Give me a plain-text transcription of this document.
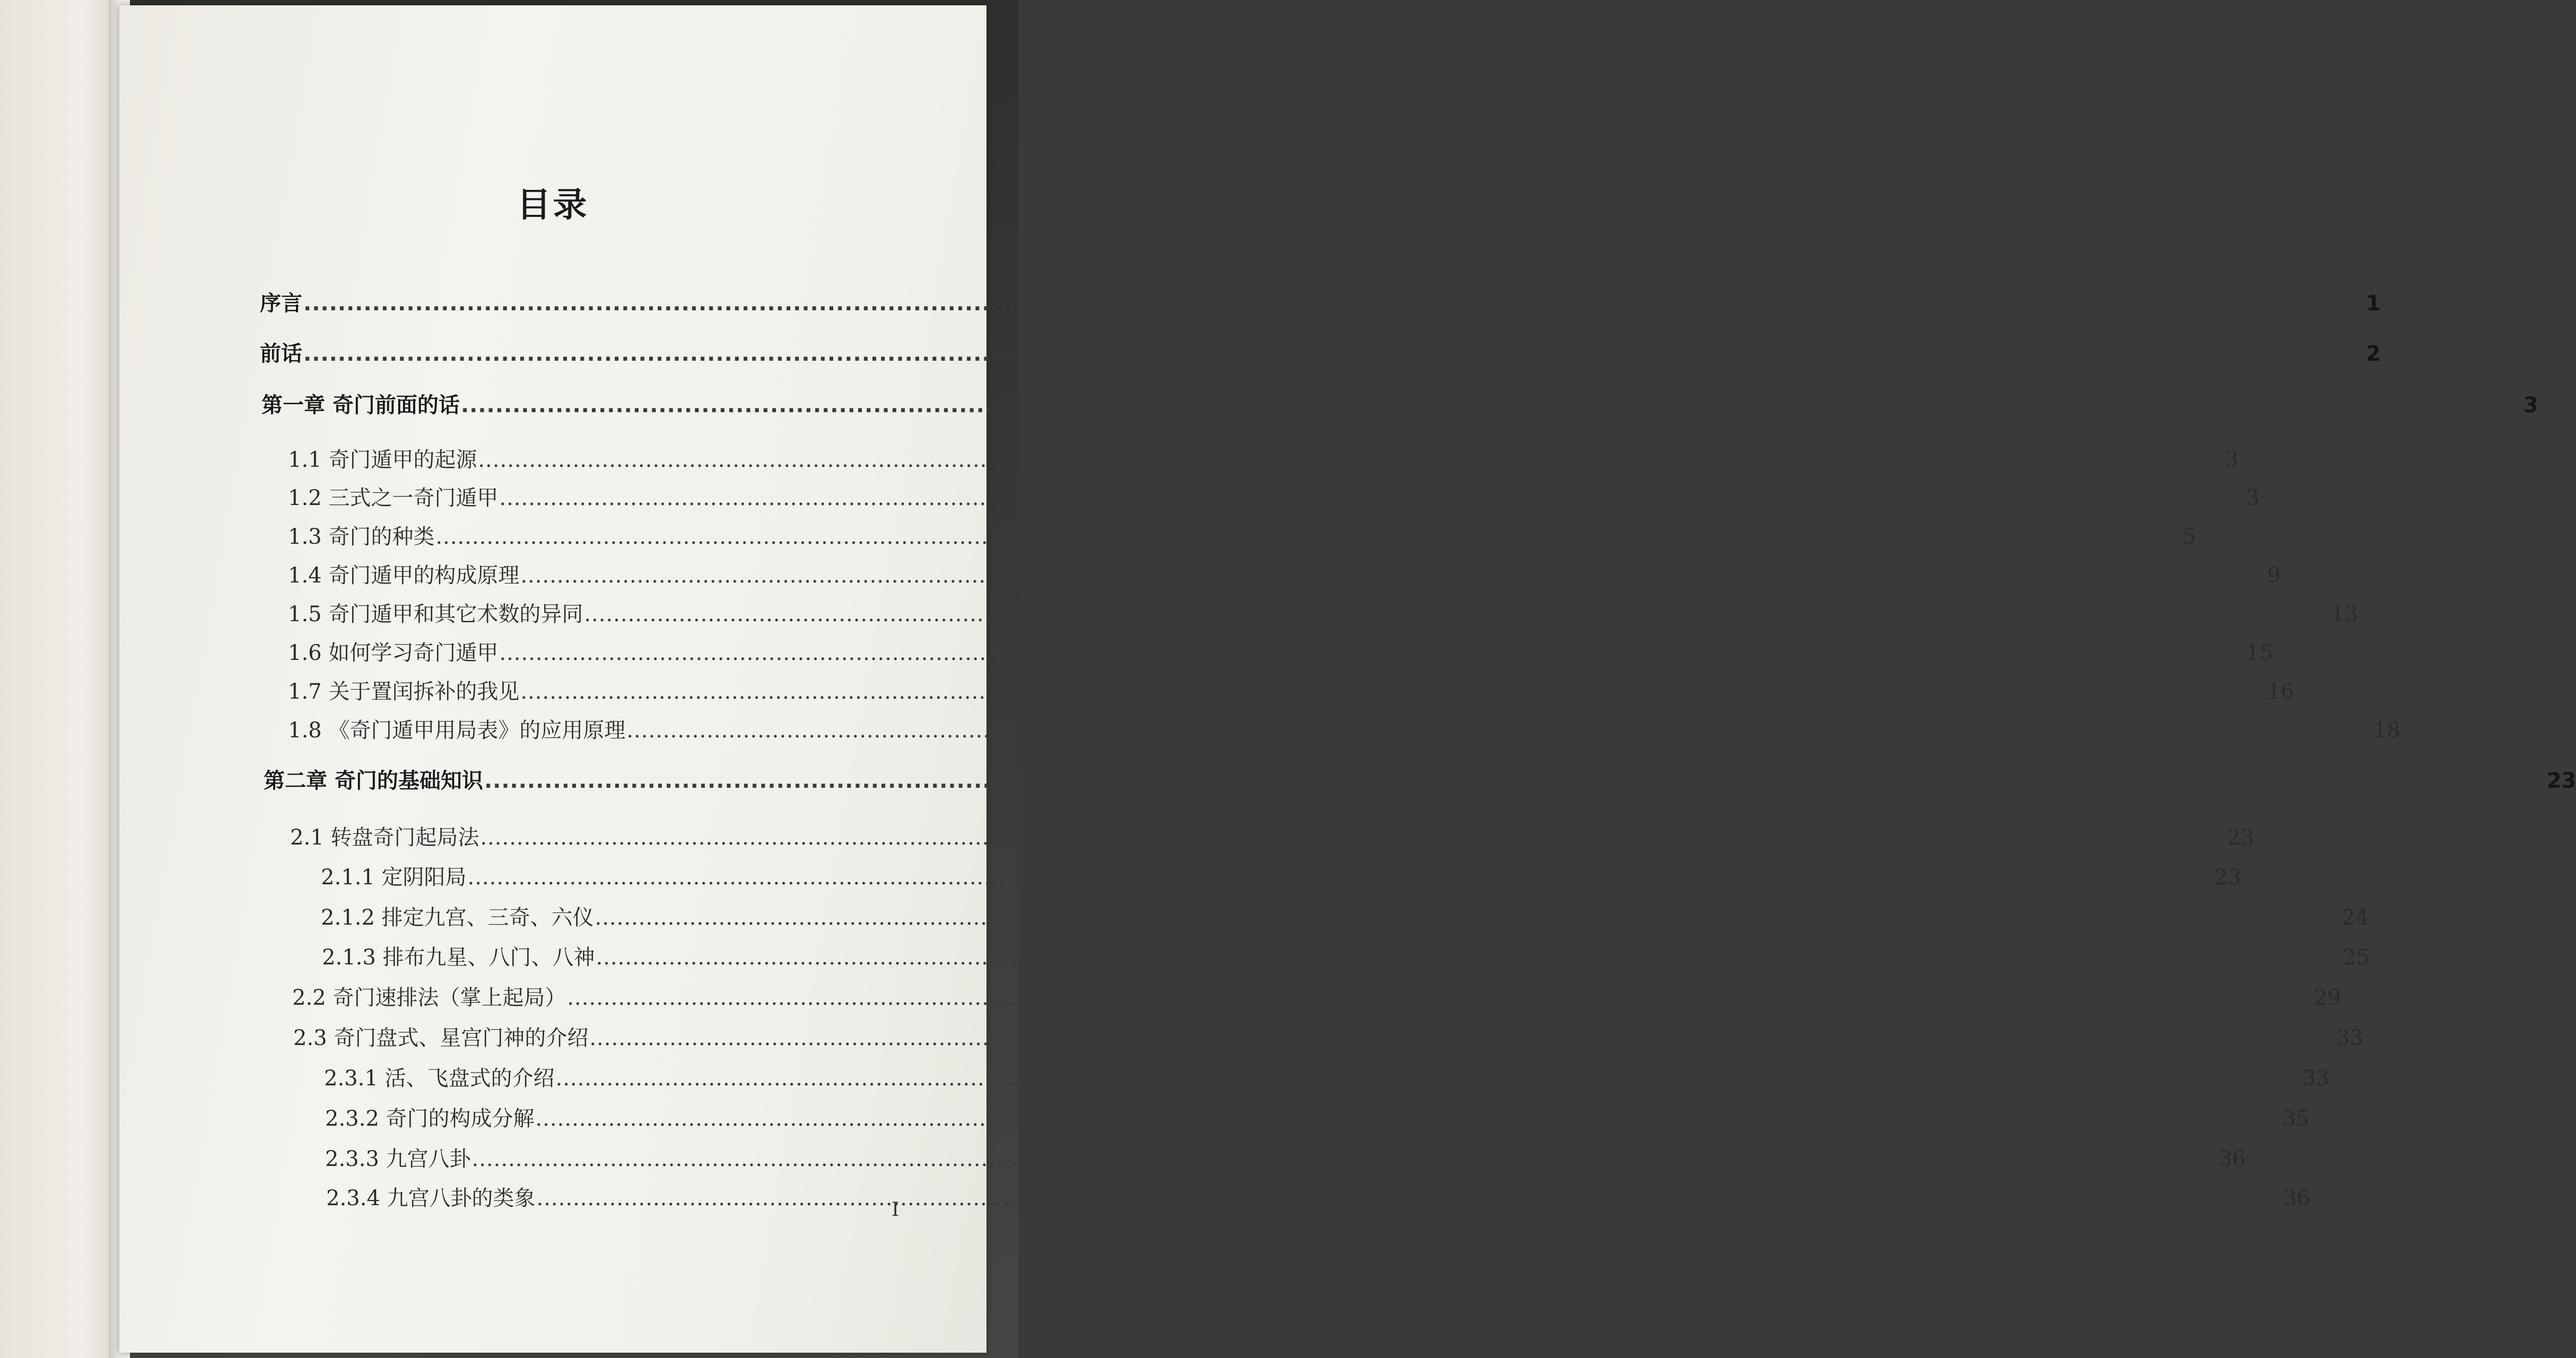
目录
序言 .....	1
前话 .....	2
第一章 奇门前面的话 .....	3
1.1 奇门遁甲的起源 .....	3
1.2 三式之一奇门遁甲 .....	3
1.3 奇门的种类 .....	5
1.4 奇门遁甲的构成原理 .....	9
1.5 奇门遁甲和其它术数的异同 .....	13
1.6 如何学习奇门遁甲 .....	15
1.7 关于置闰拆补的我见 .....	16
1.8 《奇门遁甲用局表》的应用原理 .....	18
第二章 奇门的基础知识 .....	23
2.1 转盘奇门起局法 .....	23
2.1.1 定阴阳局 .....	23
2.1.2 排定九宫、三奇、六仪 .....	24
2.1.3 排布九星、八门、八神 .....	25
2.2 奇门速排法（掌上起局） .....	29
2.3 奇门盘式、星宫门神的介绍 .....	33
2.3.1 活、飞盘式的介绍 .....	33
2.3.2 奇门的构成分解 .....	35
2.3.3 九宫八卦 .....	36
2.3.4 九宫八卦的类象 .....	36
I
